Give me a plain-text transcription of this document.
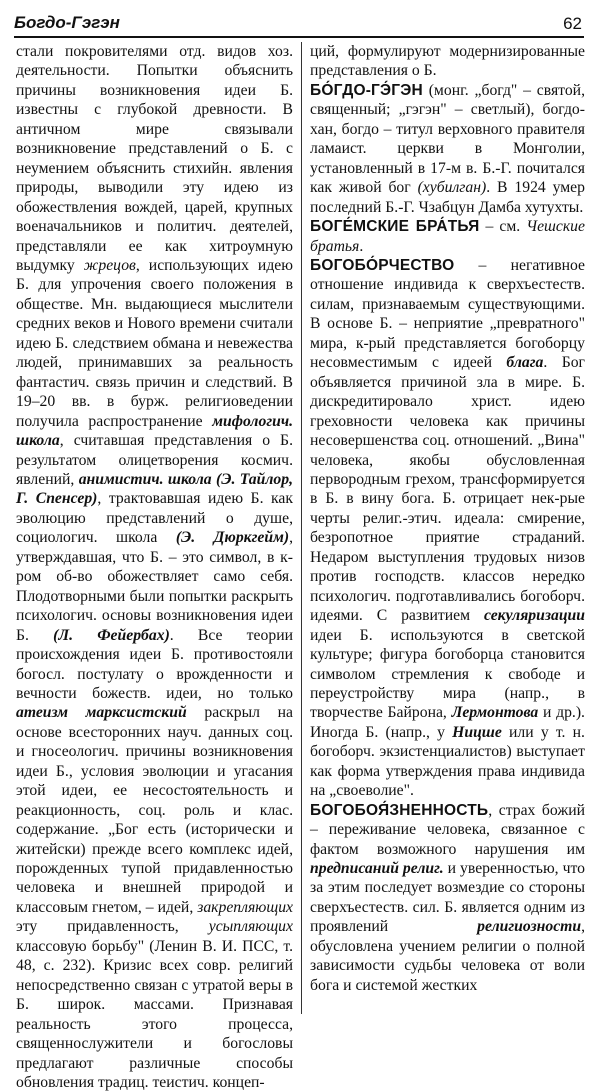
Богдо-Гэгэн	62

стали покровителями отд. видов хоз. деятельности. Попытки объяснить причины возникновения идеи Б. известны с глубокой древности. В античном мире связывали возникновение представлений о Б. с неумением объяснить стихийн. явления природы, выводили эту идею из обожествления вождей, царей, крупных военачальников и политич. деятелей, представляли ее как хитроумную выдумку жрецов, использующих идею Б. для упрочения своего положения в обществе. Мн. выдающиеся мыслители средних веков и Нового времени считали идею Б. следствием обмана и невежества людей, принимавших за реальность фантастич. связь причин и следствий. В 19–20 вв. в бурж. религиоведении получила распространение мифологич. школа, считавшая представления о Б. результатом олицетворения космич. явлений, анимистич. школа (Э. Тайлор, Г. Спенсер), трактовавшая идею Б. как эволюцию представлений о душе, социологич. школа (Э. Дюркгейм), утверждавшая, что Б. – это символ, в к-ром об-во обожествляет само себя. Плодотворными были попытки раскрыть психологич. основы возникновения идеи Б. (Л. Фейербах). Все теории происхождения идеи Б. противостояли богосл. постулату о врожденности и вечности божеств. идеи, но только атеизм марксистский раскрыл на основе всесторонних науч. данных соц. и гносеологич. причины возникновения идеи Б., условия эволюции и угасания этой идеи, ее несостоятельность и реакционность, соц. роль и клас. содержание. „Бог есть (исторически и житейски) прежде всего комплекс идей, порожденных тупой придавленностью человека и внешней природой и классовым гнетом, – идей, закрепляющих эту придавленность, усыпляющих классовую борьбу" (Ленин В. И. ПСС, т. 48, с. 232). Кризис всех совр. религий непосредственно связан с утратой веры в Б. широк. массами. Признавая реальность этого процесса, священнослужители и богословы предлагают различные способы обновления традиц. теистич. концеп-

ций, формулируют модернизированные представления о Б.

БО́ГДО-ГЭ́ГЭН (монг. „богд" – святой, священный; „гэгэн" – светлый), богдо-хан, богдо – титул верховного правителя ламаист. церкви в Монголии, установленный в 17-м в. Б.-Г. почитался как живой бог (хубилган). В 1924 умер последний Б.-Г. Чзабцун Дамба хутухты.

БОГЕ́МСКИЕ БРА́ТЬЯ – см. Чешские братья.

БОГОБО́РЧЕСТВО – негативное отношение индивида к сверхъестеств. силам, признаваемым существующими. В основе Б. – неприятие „превратного" мира, к-рый представляется богоборцу несовместимым с идеей блага. Бог объявляется причиной зла в мире. Б. дискредитировало христ. идею греховности человека как причины несовершенства соц. отношений. „Вина" человека, якобы обусловленная первородным грехом, трансформируется в Б. в вину бога. Б. отрицает нек-рые черты религ.-этич. идеала: смирение, безропотное приятие страданий. Недаром выступления трудовых низов против господств. классов нередко психологич. подготавливались богоборч. идеями. С развитием секуляризации идеи Б. используются в светской культуре; фигура богоборца становится символом стремления к свободе и переустройству мира (напр., в творчестве Байрона, Лермонтова и др.). Иногда Б. (напр., у Ницше или у т. н. богоборч. экзистенциалистов) выступает как форма утверждения права индивида на „своеволие".

БОГОБОЯ́ЗНЕННОСТЬ, страх божий – переживание человека, связанное с фактом возможного нарушения им предписаний религ. и уверенностью, что за этим последует возмездие со стороны сверхъестеств. сил. Б. является одним из проявлений религиозности, обусловлена учением религии о полной зависимости судьбы человека от воли бога и системой жестких
